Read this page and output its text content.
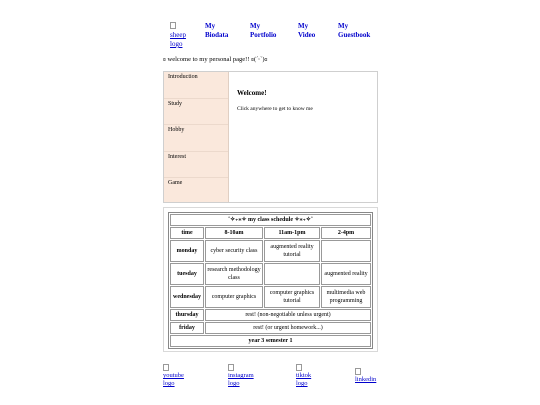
sheep logo
My Biodata
My Portfolio
My Video
My Guestbook
ʚ welcome to my personal page!! ʚ(ˊᵕˋ)ɞ
Introduction
Study
Hobby
Interest
Game
Welcome!
Click anywhere to get to know me
˚✧₊⁎✧ my class schedule ✧⁎₊✧˚			
time	8-10am	11am-1pm	2-4pm
monday	cyber security class	augmented reality tutorial	
tuesday	research methodology class		augmented reality
wednesday	computer graphics	computer graphics tutorial	multimedia web programming
thursday	rest! (non-negotiable unless urgent)		
friday	rest! (or urgent homework...)		
year 3 semester 1			

youtube logo

instagram logo

tiktok logo

linkedin
